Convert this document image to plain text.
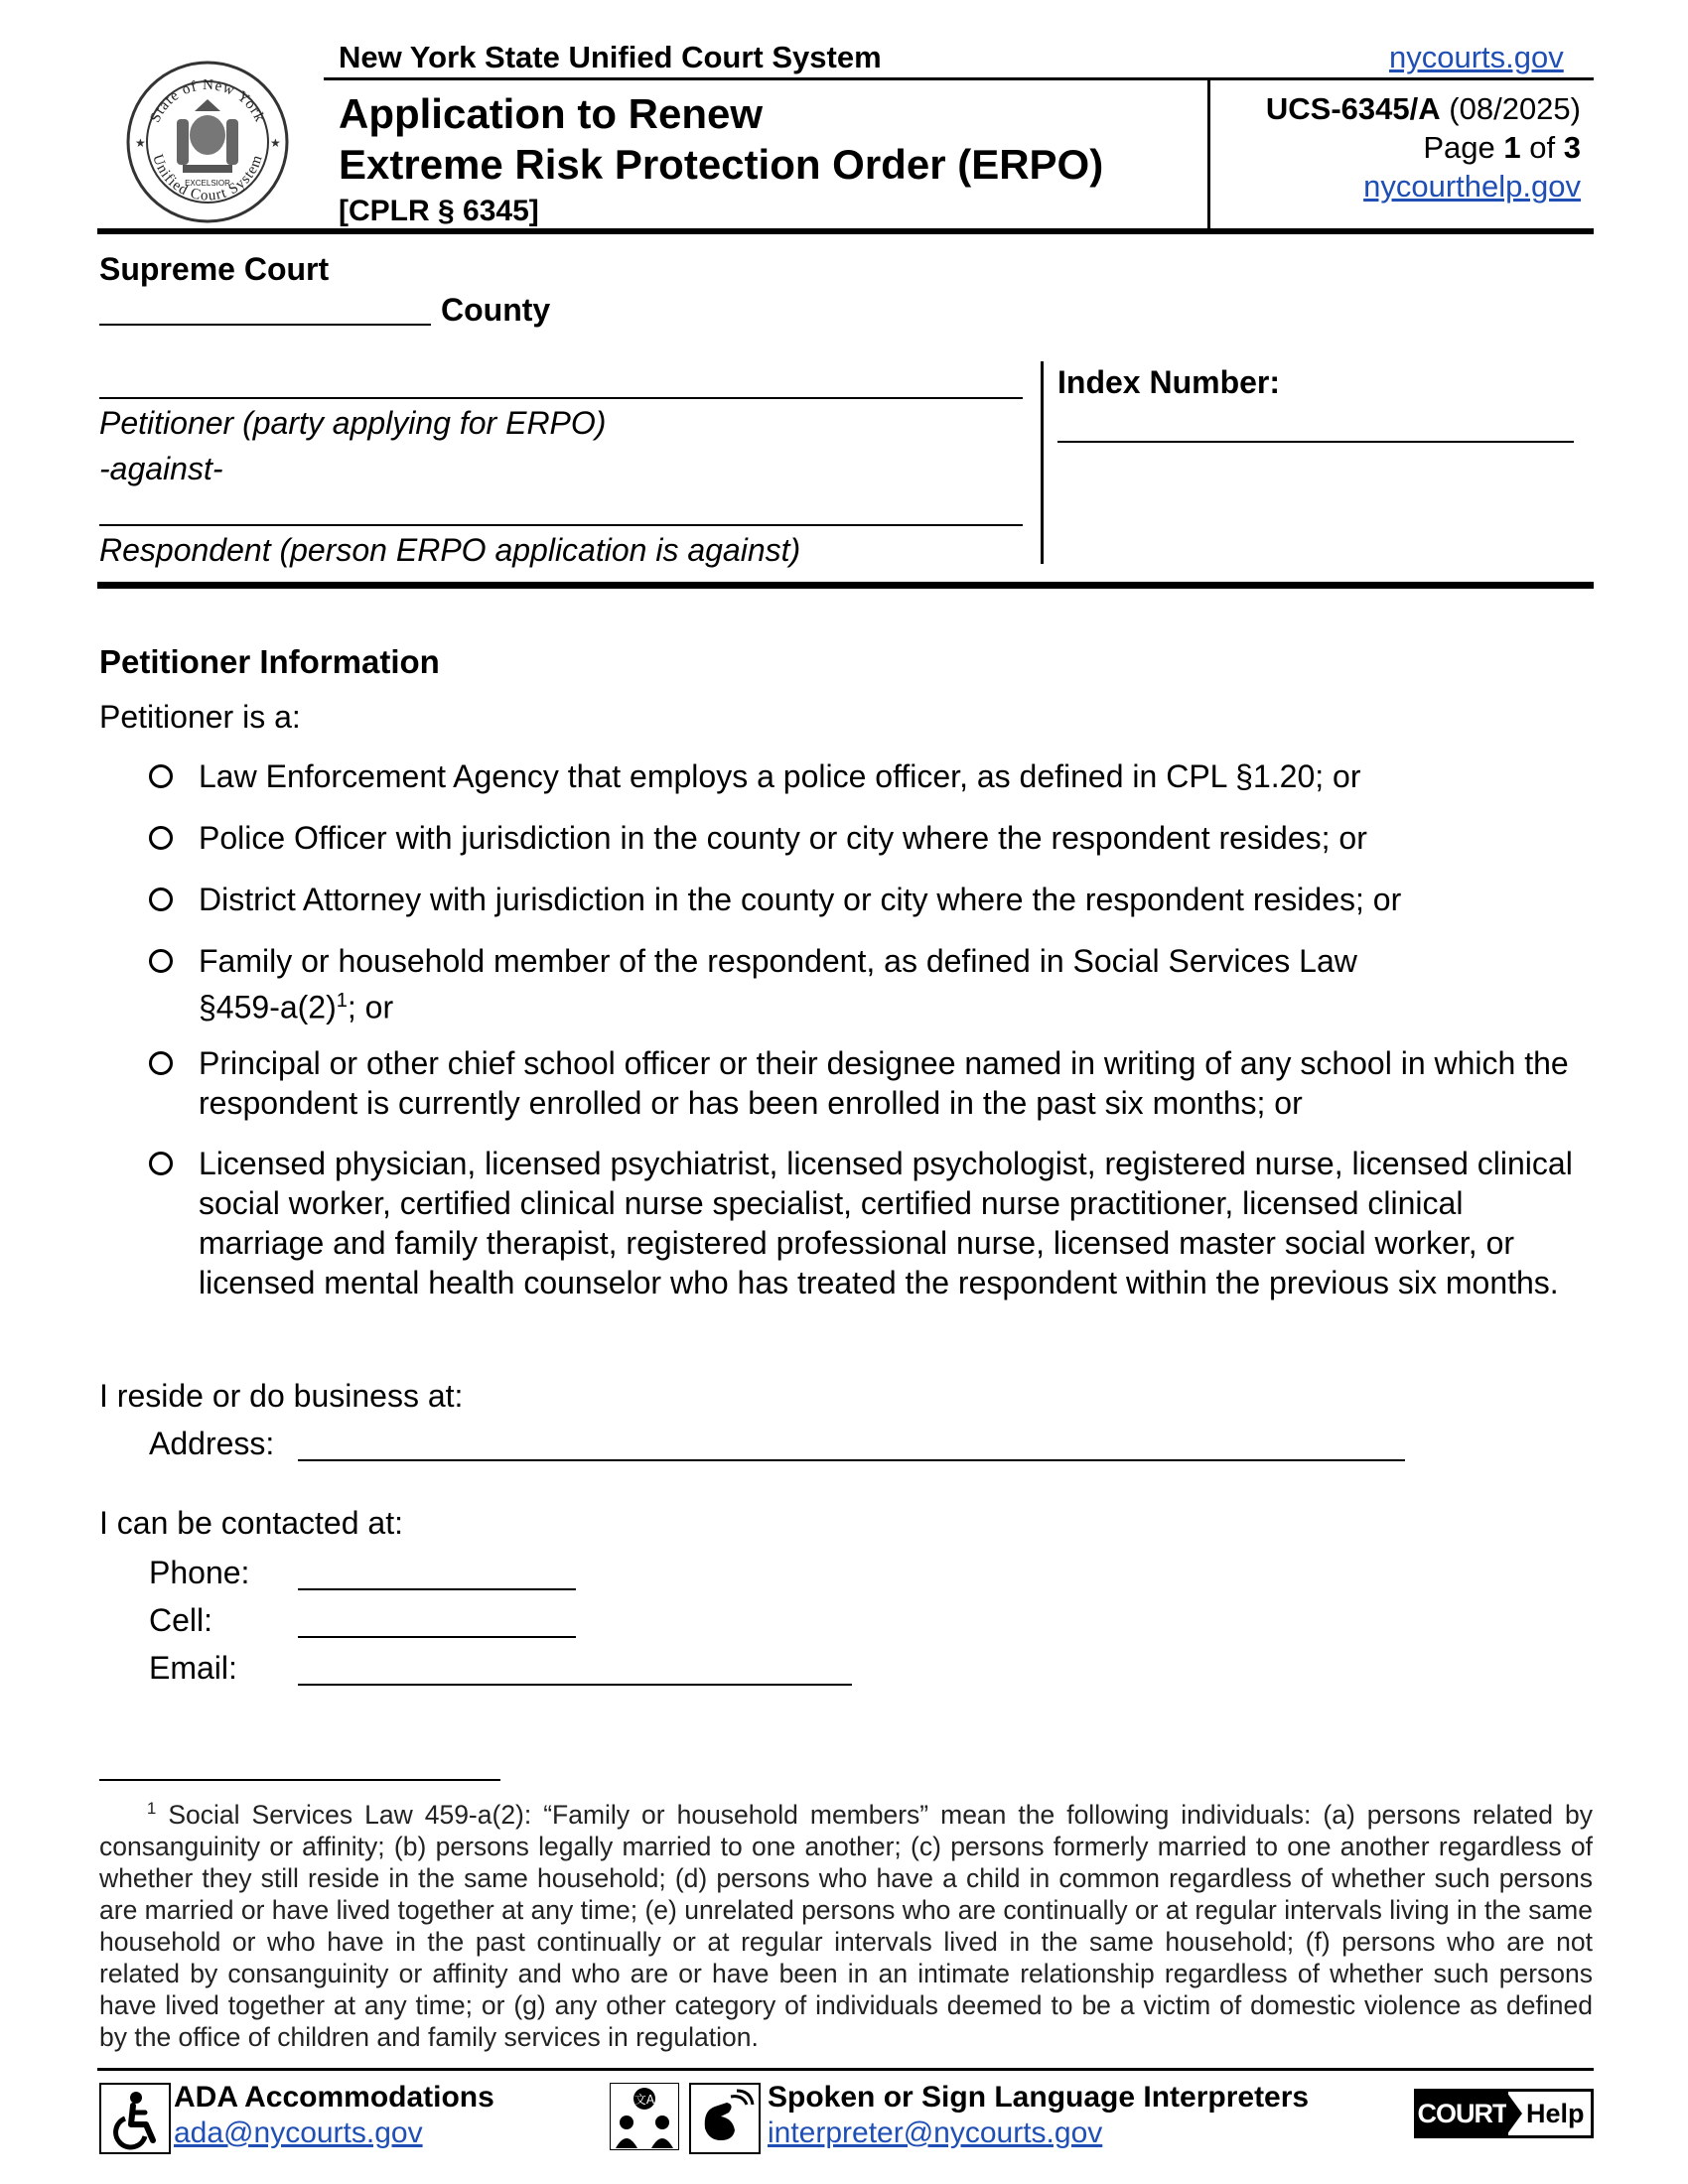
State of New York
Unified Court System
EXCELSIOR
★	★
New York State Unified Court System	nycourts.gov
Application to Renew
Extreme Risk Protection Order (ERPO)
[CPLR § 6345]
UCS-6345/A (08/2025)
Page 1 of 3
nycourthelp.gov
Supreme Court
County
Petitioner (party applying for ERPO)
-against-
Respondent (person ERPO application is against)
Index Number:
Petitioner Information
Petitioner is a:
Law Enforcement Agency that employs a police officer, as defined in CPL §1.20; or
Police Officer with jurisdiction in the county or city where the respondent resides; or
District Attorney with jurisdiction in the county or city where the respondent resides; or
Family or household member of the respondent, as defined in Social Services Law
$\S 459-a(2)^1$; or
Principal or other chief school officer or their designee named in writing of any school in which the respondent is currently enrolled or has been enrolled in the past six months; or
Licensed physician, licensed psychiatrist, licensed psychologist, registered nurse, licensed clinical social worker, certified clinical nurse specialist, certified nurse practitioner, licensed clinical marriage and family therapist, registered professional nurse, licensed master social worker, or licensed mental health counselor who has treated the respondent within the previous six months.
I reside or do business at:
Address:
I can be contacted at:
Phone:
Cell:
Email:
$^1$ Social Services Law 459-a(2): “Family or household members” mean the following individuals: (a) persons related by consanguinity or affinity; (b) persons legally married to one another; (c) persons formerly married to one another regardless of whether they still reside in the same household; (d) persons who have a child in common regardless of whether such persons are married or have lived together at any time; (e) unrelated persons who are continually or at regular intervals living in the same household or who have in the past continually or at regular intervals lived in the same household; (f) persons who are not related by consanguinity or affinity and who are or have been in an intimate relationship regardless of whether such persons have lived together at any time; or (g) any other category of individuals deemed to be a victim of domestic violence as defined by the office of children and family services in regulation.
ADA Accommodations
ada@nycourts.gov
文A	Spoken or Sign Language Interpreters
interpreter@nycourts.gov
COURT Help
